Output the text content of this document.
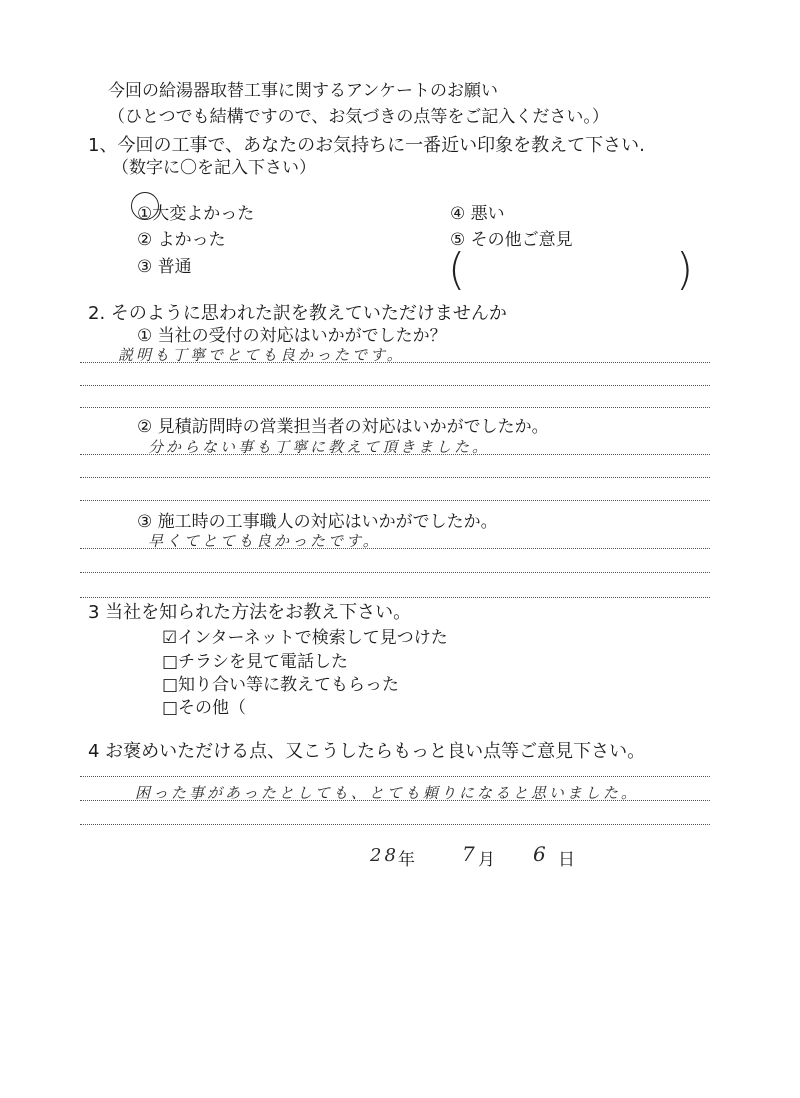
今回の給湯器取替工事に関するアンケートのお願い
（ひとつでも結構ですので、お気づきの点等をご記入ください。）
1、今回の工事で、あなたのお気持ちに一番近い印象を教えて下さい.
（数字に〇を記入下さい）
①大変よかった
② よかった
③ 普通
④ 悪い
⑤ その他ご意見
(	)
2. そのように思われた訳を教えていただけませんか
① 当社の受付の対応はいかがでしたか？
説明も丁寧でとても良かったです。
② 見積訪問時の営業担当者の対応はいかがでしたか。
分からない事も丁寧に教えて頂きました。
③ 施工時の工事職人の対応はいかがでしたか。
早くてとても良かったです。
3 当社を知られた方法をお教え下さい。
☑インターネットで検索して見つけた
□チラシを見て電話した
□知り合い等に教えてもらった
□その他（
4 お褒めいただける点、又こうしたらもっと良い点等ご意見下さい。
困った事があったとしても、とても頼りになると思いました。
28 年 7 月 6 日
